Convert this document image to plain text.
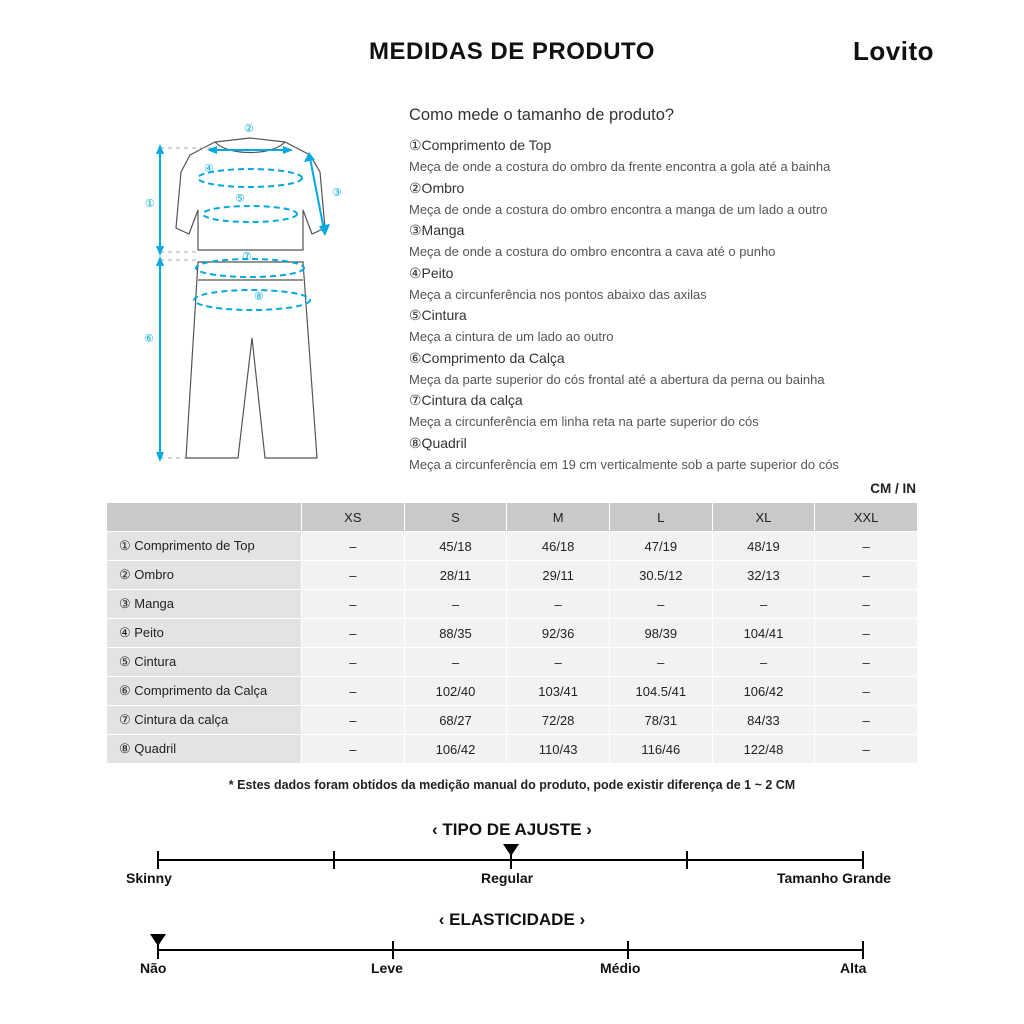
MEDIDAS DE PRODUTO	Lovito
①
②
③
④
⑤
⑥
⑦
⑧
Como mede o tamanho de produto?
①Comprimento de Top
Meça de onde a costura do ombro da frente encontra a gola até a bainha
②Ombro
Meça de onde a costura do ombro encontra a manga de um lado a outro
③Manga
Meça de onde a costura do ombro encontra a cava até o punho
④Peito
Meça a circunferência nos pontos abaixo das axilas
⑤Cintura
Meça a cintura de um lado ao outro
⑥Comprimento da Calça
Meça da parte superior do cós frontal até a abertura da perna ou bainha
⑦Cintura da calça
Meça a circunferência em linha reta na parte superior do cós
⑧Quadril
Meça a circunferência em 19 cm verticalmente sob a parte superior do cós
CM / IN
	XS	S	M	L	XL	XXL
① Comprimento de Top	–	45/18	46/18	47/19	48/19	–
② Ombro	–	28/11	29/11	30.5/12	32/13	–
③ Manga	–	–	–	–	–	–
④ Peito	–	88/35	92/36	98/39	104/41	–
⑤ Cintura	–	–	–	–	–	–
⑥ Comprimento da Calça	–	102/40	103/41	104.5/41	106/42	–
⑦ Cintura da calça	–	68/27	72/28	78/31	84/33	–
⑧ Quadril	–	106/42	110/43	116/46	122/48	–
* Estes dados foram obtidos da medição manual do produto, pode existir diferença de 1 ~ 2 CM
‹ TIPO DE AJUSTE ›
Skinny	Regular	Tamanho Grande
‹ ELASTICIDADE ›
Não	Leve	Médio	Alta
